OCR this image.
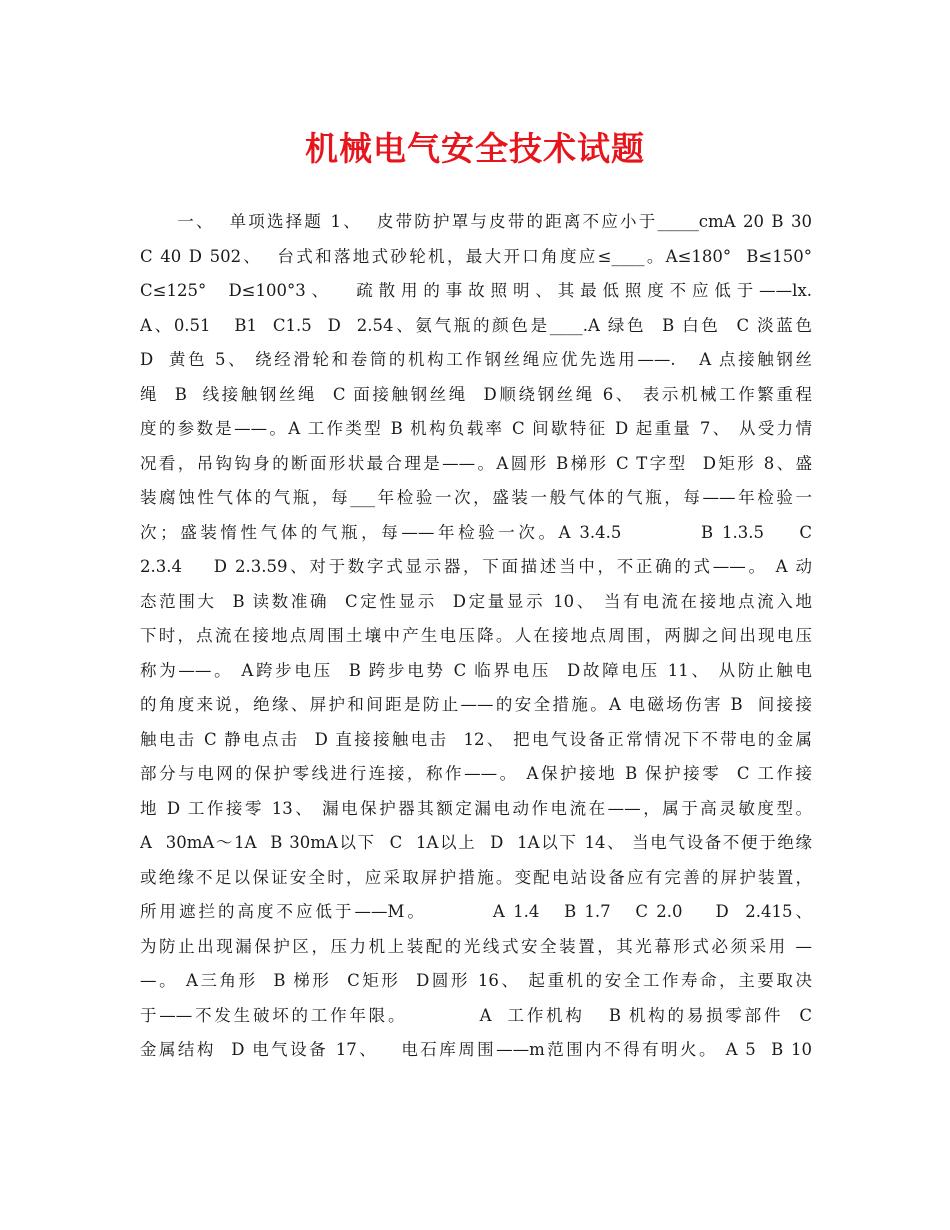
机械电气安全技术试题
一、  单项选择题 1、  皮带防护罩与皮带的距离不应小于_____cmA 20 B 30
C 40 D 502、  台式和落地式砂轮机，最大开口角度应≤____。A≤180°  B≤150°
C≤125°  D≤100°3、  疏散用的事故照明、其最低照度不应低于——lx.
A、0.51   B1  C1.5  D  2.54、氨气瓶的颜色是____.A 绿色  B 白色  C 淡蓝色
D  黄色 5、 绕经滑轮和卷筒的机构工作钢丝绳应优先选用——.   A 点接触钢丝
绳  B  线接触钢丝绳  C 面接触钢丝绳  D顺绕钢丝绳 6、 表示机械工作繁重程
度的参数是——。A 工作类型 B 机构负载率 C 间歇特征 D 起重量 7、 从受力情
况看，吊钩钩身的断面形状最合理是——。A圆形 B梯形 C T字型  D矩形 8、盛
装腐蚀性气体的气瓶，每___年检验一次，盛装一般气体的气瓶，每——年检验一
次；盛装惰性气体的气瓶，每——年检验一次。A 3.4.5         B 1.3.5    C
2.3.4    D 2.3.59、对于数字式显示器，下面描述当中，不正确的式——。 A 动
态范围大  B 读数准确  C定性显示  D定量显示 10、 当有电流在接地点流入地
下时，点流在接地点周围土壤中产生电压降。人在接地点周围，两脚之间出现电压
称为——。 A跨步电压  B 跨步电势 C 临界电压  D故障电压 11、 从防止触电
的角度来说，绝缘、屏护和间距是防止——的安全措施。A 电磁场伤害 B  间接接
触电击 C 静电点击  D 直接接触电击  12、 把电气设备正常情况下不带电的金属
部分与电网的保护零线进行连接，称作——。 A保护接地 B 保护接零  C 工作接
地 D 工作接零 13、 漏电保护器其额定漏电动作电流在——，属于高灵敏度型。
A  30mA～1A  B 30mA以下  C  1A以上  D  1A以下 14、 当电气设备不便于绝缘
或绝缘不足以保证安全时，应采取屏护措施。变配电站设备应有完善的屏护装置，
所用遮拦的高度不应低于——M。        A 1.4   B 1.7   C 2.0    D  2.415、
为防止出现漏保护区，压力机上装配的光线式安全装置，其光幕形式必须采用 —
—。 A三角形  B 梯形  C矩形  D圆形 16、 起重机的安全工作寿命，主要取决
于——不发生破坏的工作年限。         A  工作机构   B 机构的易损零部件  C
金属结构  D 电气设备 17、   电石库周围——m范围内不得有明火。 A 5  B 10
